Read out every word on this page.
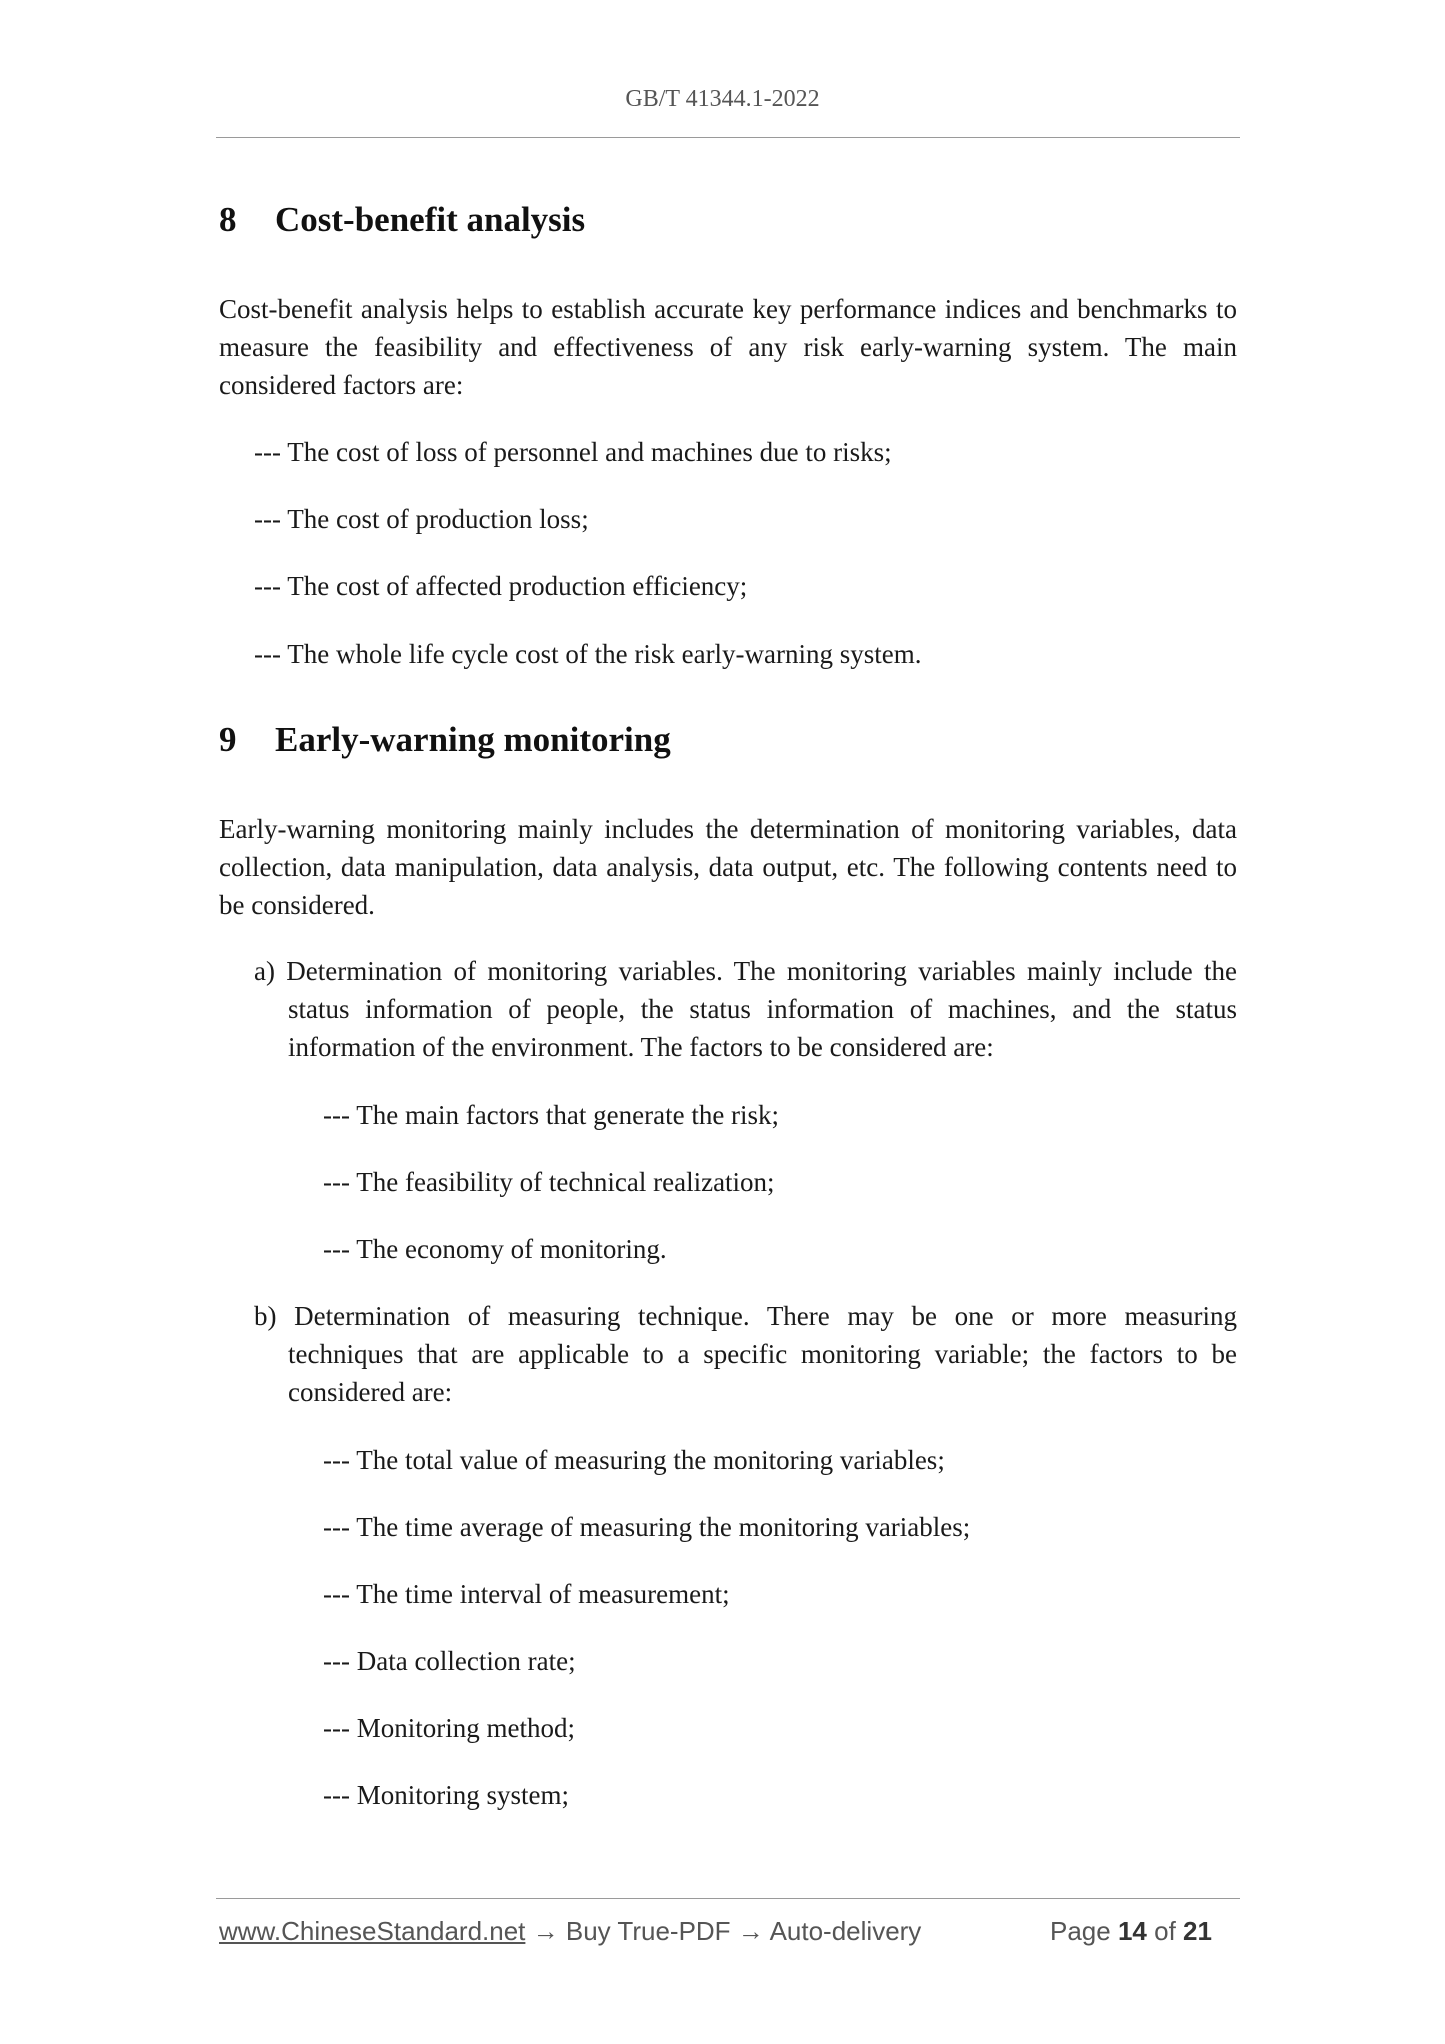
GB/T 41344.1-2022
8 Cost-benefit analysis

Cost-benefit analysis helps to establish accurate key performance indices and benchmarks to measure the feasibility and effectiveness of any risk early-warning system. The main considered factors are:

--- The cost of loss of personnel and machines due to risks;
--- The cost of production loss;
--- The cost of affected production efficiency;
--- The whole life cycle cost of the risk early-warning system.
9 Early-warning monitoring

Early-warning monitoring mainly includes the determination of monitoring variables, data collection, data manipulation, data analysis, data output, etc. The following contents need to be considered.

a) Determination of monitoring variables. The monitoring variables mainly include the status information of people, the status information of machines, and the status information of the environment. The factors to be considered are:

--- The main factors that generate the risk;
--- The feasibility of technical realization;
--- The economy of monitoring.

b) Determination of measuring technique. There may be one or more measuring techniques that are applicable to a specific monitoring variable; the factors to be considered are:

--- The total value of measuring the monitoring variables;
--- The time average of measuring the monitoring variables;
--- The time interval of measurement;
--- Data collection rate;
--- Monitoring method;
--- Monitoring system;
www.ChineseStandard.net → Buy True-PDF → Auto-delivery	Page 14 of 21
